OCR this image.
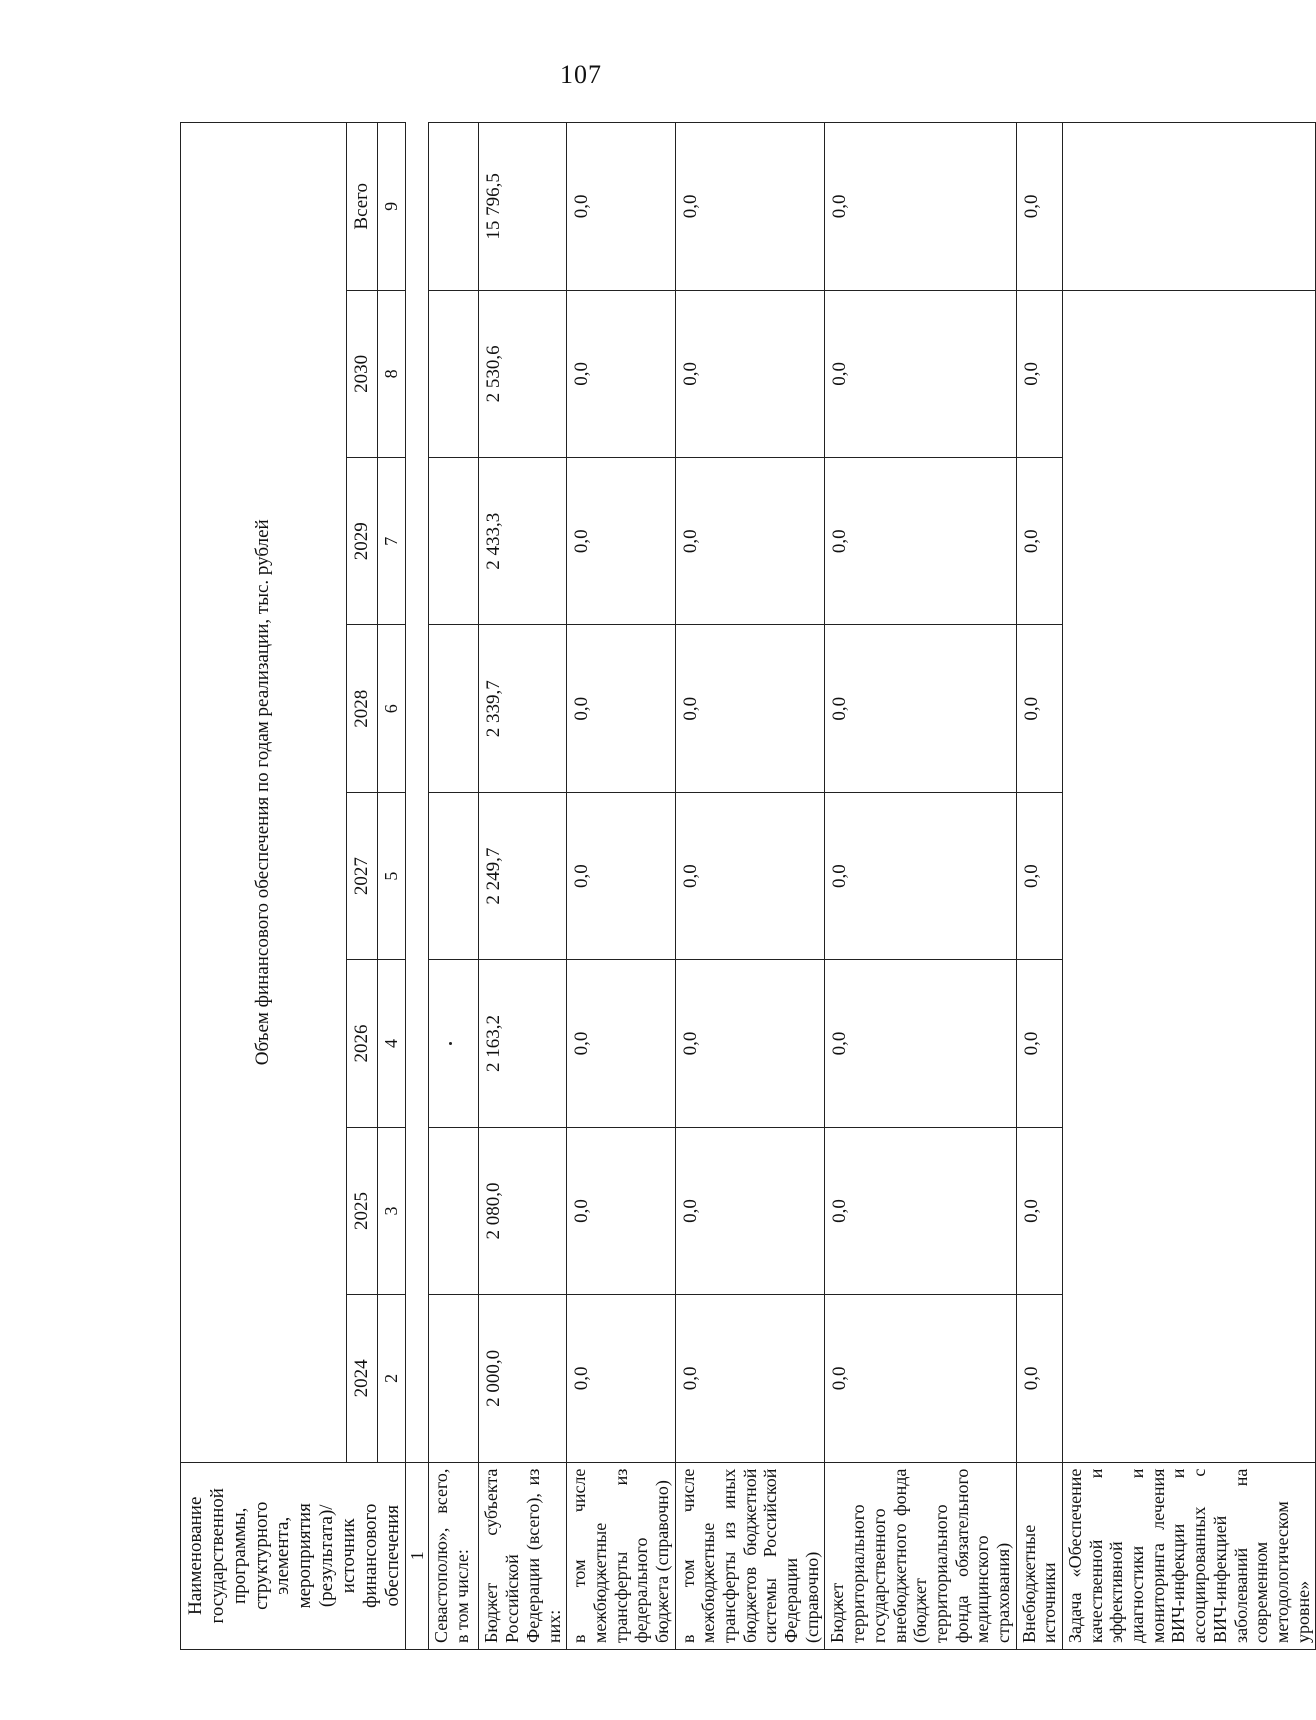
107
Наименование государственной программы, структурного элемента, мероприятия (результата)/источник финансового обеспечения	Объем финансового обеспечения по годам реализации, тыс. рублей							
	2024	2025	2026	2027	2028	2029	2030	Всего
	2	3	4	5	6	7	8	9
1								
Севастополю», всего, в том числе:								
Бюджет субъекта Российской Федерации (всего), из них:	2 000,0	2 080,0	2 163,2	2 249,7	2 339,7	2 433,3	2 530,6	15 796,5
в том числе межбюджетные трансферты из федерального бюджета (справочно)	0,0	0,0	0,0	0,0	0,0	0,0	0,0	0,0
в том числе межбюджетные трансферты из иных бюджетов бюджетной системы Российской Федерации (справочно)	0,0	0,0	0,0	0,0	0,0	0,0	0,0	0,0
Бюджет территориального государственного внебюджетного фонда (бюджет территориального фонда обязательного медицинского страхования)	0,0	0,0	0,0	0,0	0,0	0,0	0,0	0,0
Внебюджетные источники	0,0	0,0	0,0	0,0	0,0	0,0	0,0	0,0
Задача «Обеспечение качественной и эффективной диагностики и мониторинга лечения ВИЧ-инфекции и ассоциированных с ВИЧ-инфекцией заболеваний на современном методологическом уровне»								
